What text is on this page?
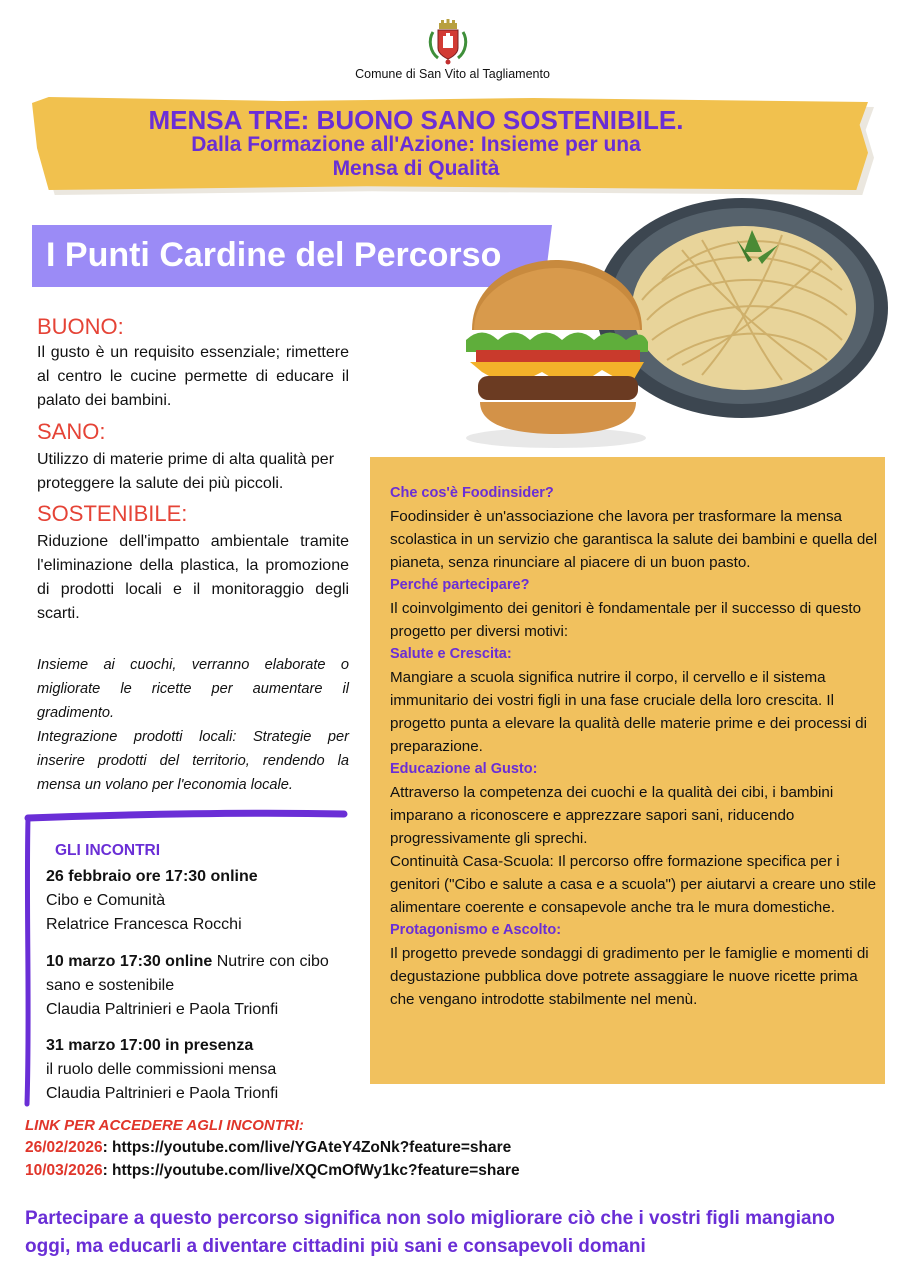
Comune di San Vito al Tagliamento
MENSA TRE: BUONO SANO SOSTENIBILE.
Dalla Formazione all'Azione: Insieme per una
Mensa di Qualità
I Punti Cardine del Percorso
BUONO:
Il gusto è un requisito essenziale; rimettere al centro le cucine permette di educare il palato dei bambini.
SANO:
Utilizzo di materie prime di alta qualità per proteggere la salute dei più piccoli.
SOSTENIBILE:
Riduzione dell'impatto ambientale tramite l'eliminazione della plastica, la promozione di prodotti locali e il monitoraggio degli scarti.
Insieme ai cuochi, verranno elaborate o migliorate le ricette per aumentare il gradimento.
Integrazione prodotti locali: Strategie per inserire prodotti del territorio, rendendo la mensa un volano per l'economia locale.
Che cos'è Foodinsider?
Foodinsider è un'associazione che lavora per trasformare la mensa scolastica in un servizio che garantisca la salute dei bambini e quella del pianeta, senza rinunciare al piacere di un buon pasto.
Perché partecipare?
Il coinvolgimento dei genitori è fondamentale per il successo di questo progetto per diversi motivi:
Salute e Crescita:
Mangiare a scuola significa nutrire il corpo, il cervello e il sistema immunitario dei vostri figli in una fase cruciale della loro crescita. Il progetto punta a elevare la qualità delle materie prime e dei processi di preparazione.
Educazione al Gusto:
Attraverso la competenza dei cuochi e la qualità dei cibi, i bambini imparano a riconoscere e apprezzare sapori sani, riducendo progressivamente gli sprechi.
Continuità Casa-Scuola: Il percorso offre formazione specifica per i genitori ("Cibo e salute a casa e a scuola") per aiutarvi a creare uno stile alimentare coerente e consapevole anche tra le mura domestiche.
Protagonismo e Ascolto:
Il progetto prevede sondaggi di gradimento per le famiglie e momenti di degustazione pubblica dove potrete assaggiare le nuove ricette prima che vengano introdotte stabilmente nel menù.
GLI INCONTRI
26 febbraio ore 17:30 online
Cibo e Comunità
Relatrice Francesca Rocchi
10 marzo 17:30 online Nutrire con cibo sano e sostenibile
Claudia Paltrinieri e Paola Trionfi
31 marzo 17:00 in presenza
il ruolo delle commissioni mensa
Claudia Paltrinieri e Paola Trionfi
LINK PER ACCEDERE AGLI INCONTRI:
26/02/2026: https://youtube.com/live/YGAteY4ZoNk?feature=share
10/03/2026: https://youtube.com/live/XQCmOfWy1kc?feature=share
Partecipare a questo percorso significa non solo migliorare ciò che i vostri figli mangiano oggi, ma educarli a diventare cittadini più sani e consapevoli domani
